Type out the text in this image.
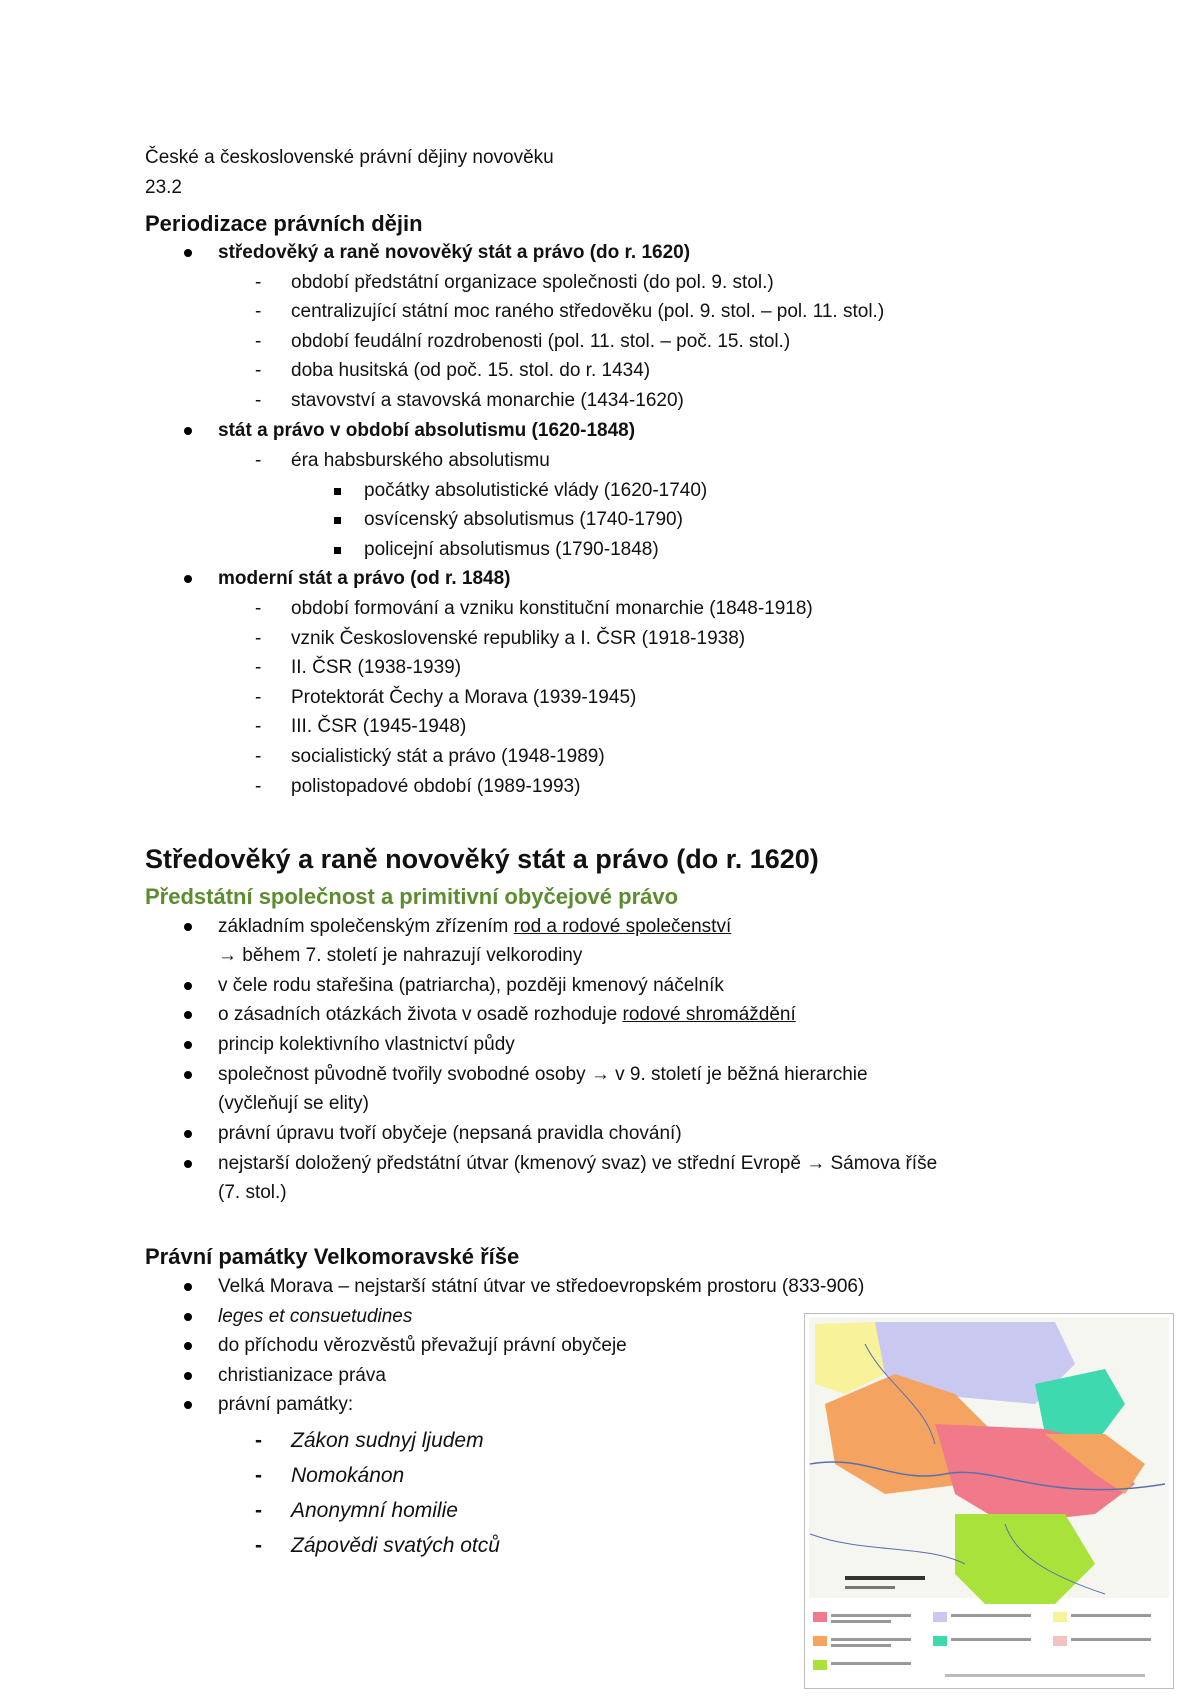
České a československé právní dějiny novověku
23.2
Periodizace právních dějin
středověký a raně novověký stát a právo (do r. 1620)
- období předstátní organizace společnosti (do pol. 9. stol.)
- centralizující státní moc raného středověku (pol. 9. stol. – pol. 11. stol.)
- období feudální rozdrobenosti (pol. 11. stol. – poč. 15. stol.)
- doba husitská (od poč. 15. stol. do r. 1434)
- stavovství a stavovská monarchie (1434-1620)
stát a právo v období absolutismu (1620-1848)
- éra habsburského absolutismu
počátky absolutistické vlády (1620-1740)
osvícenský absolutismus (1740-1790)
policejní absolutismus (1790-1848)
moderní stát a právo (od r. 1848)
- období formování a vzniku konstituční monarchie (1848-1918)
- vznik Československé republiky a I. ČSR (1918-1938)
- II. ČSR (1938-1939)
- Protektorát Čechy a Morava (1939-1945)
- III. ČSR (1945-1948)
- socialistický stát a právo (1948-1989)
- polistopadové období (1989-1993)
Středověký a raně novověký stát a právo (do r. 1620)
Předstátní společnost a primitivní obyčejové právo
základním společenským zřízením rod a rodové společenství
→ během 7. století je nahrazují velkorodiny
v čele rodu stařešina (patriarcha), později kmenový náčelník
o zásadních otázkách života v osadě rozhoduje rodové shromáždění
princip kolektivního vlastnictví půdy
společnost původně tvořily svobodné osoby → v 9. století je běžná hierarchie
(vyčleňují se elity)
právní úpravu tvoří obyčeje (nepsaná pravidla chování)
nejstarší doložený předstátní útvar (kmenový svaz) ve střední Evropě → Sámova říše
(7. stol.)
Právní památky Velkomoravské říše
Velká Morava – nejstarší státní útvar ve středoevropském prostoru (833-906)
leges et consuetudines
do příchodu věrozvěstů převažují právní obyčeje
christianizace práva
právní památky:
- Zákon sudnyj ljudem
- Nomokánon
- Anonymní homilie
- Zápovědi svatých otců
